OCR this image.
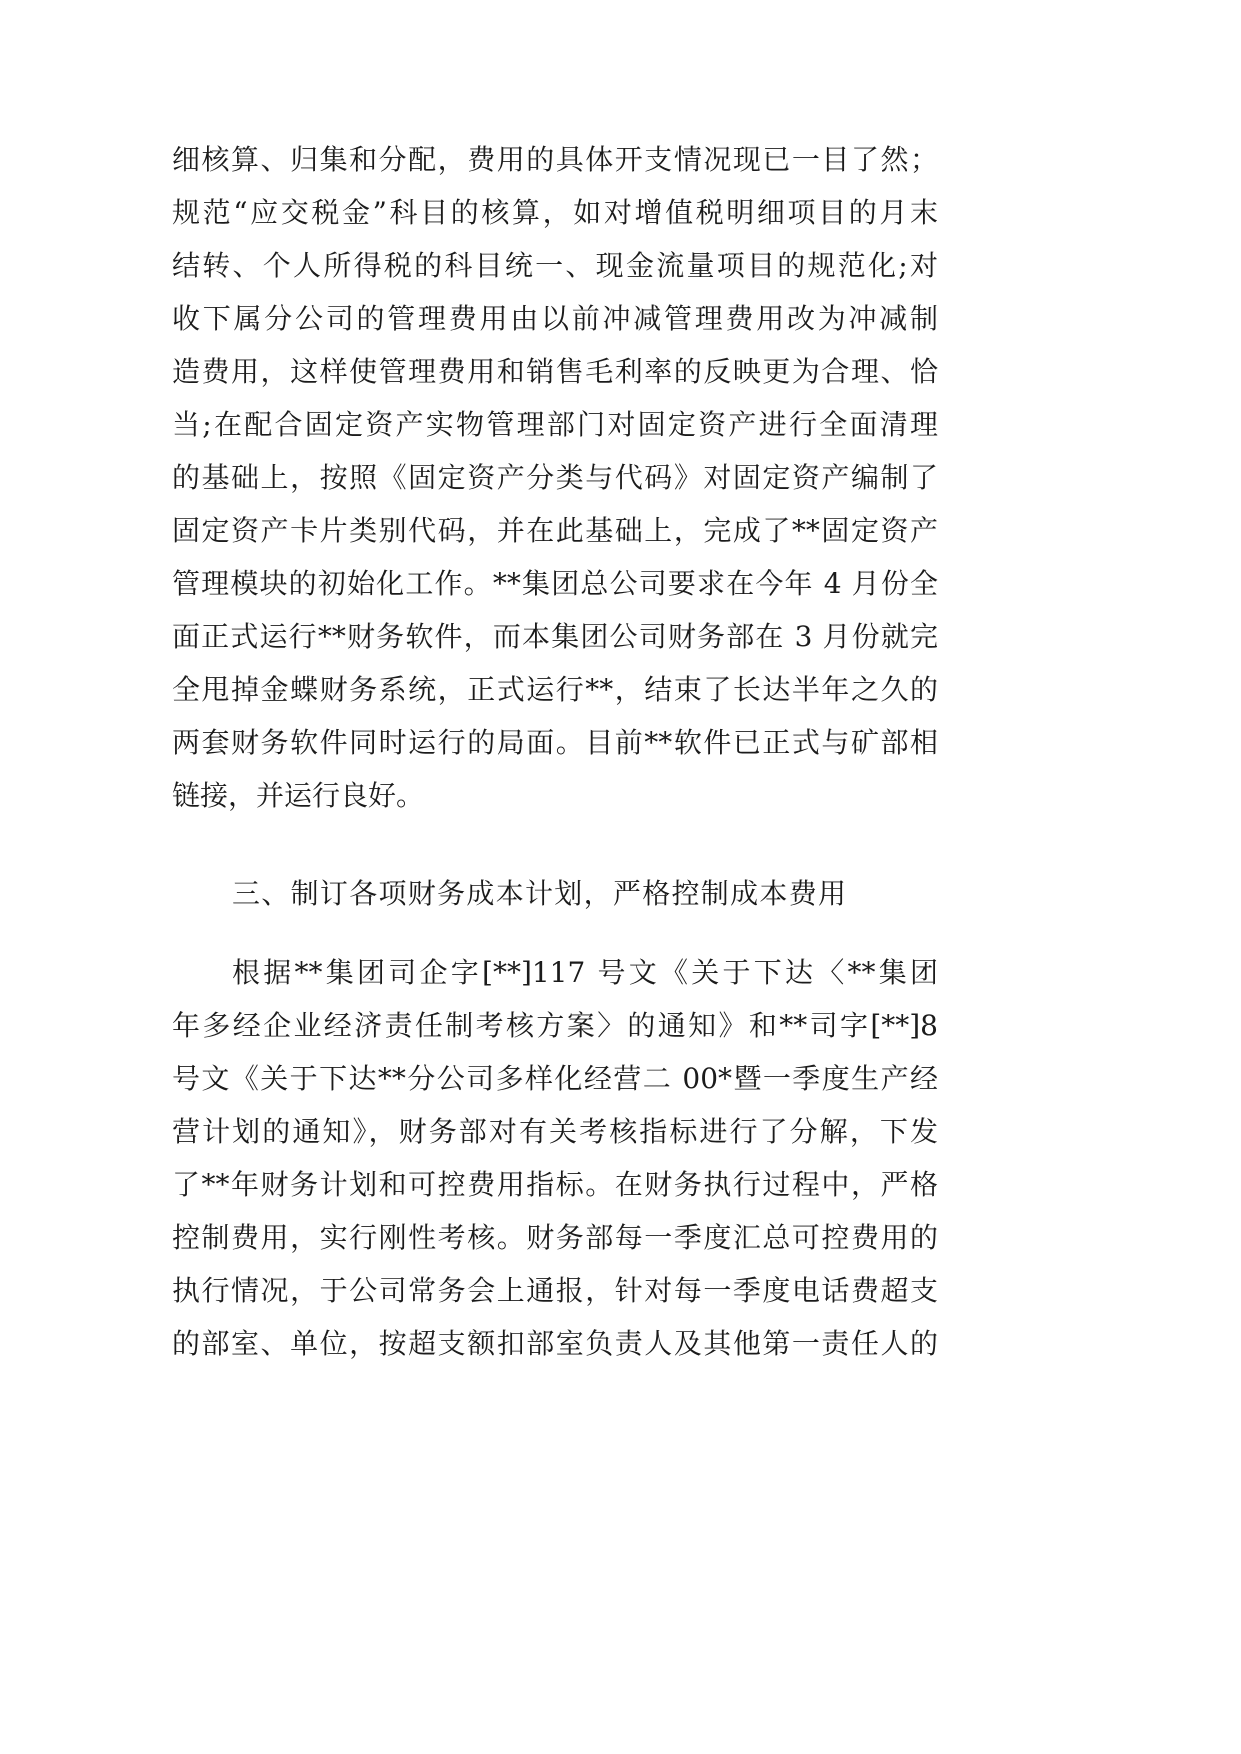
细核算、归集和分配，费用的具体开支情况现已一目了然；
规范“应交税金”科目的核算，如对增值税明细项目的月末
结转、个人所得税的科目统一、现金流量项目的规范化;对
收下属分公司的管理费用由以前冲减管理费用改为冲减制
造费用，这样使管理费用和销售毛利率的反映更为合理、恰
当;在配合固定资产实物管理部门对固定资产进行全面清理
的基础上，按照《固定资产分类与代码》对固定资产编制了
固定资产卡片类别代码，并在此基础上，完成了**固定资产
管理模块的初始化工作。**集团总公司要求在今年 4 月份全
面正式运行**财务软件，而本集团公司财务部在 3 月份就完
全甩掉金蝶财务系统，正式运行**，结束了长达半年之久的
两套财务软件同时运行的局面。目前**软件已正式与矿部相
链接，并运行良好。
三、制订各项财务成本计划，严格控制成本费用
根据**集团司企字[**]117 号文《关于下达〈**集团
年多经企业经济责任制考核方案〉的通知》和**司字[**]8
号文《关于下达**分公司多样化经营二 00*暨一季度生产经
营计划的通知》，财务部对有关考核指标进行了分解，下发
了**年财务计划和可控费用指标。在财务执行过程中，严格
控制费用，实行刚性考核。财务部每一季度汇总可控费用的
执行情况，于公司常务会上通报，针对每一季度电话费超支
的部室、单位，按超支额扣部室负责人及其他第一责任人的
